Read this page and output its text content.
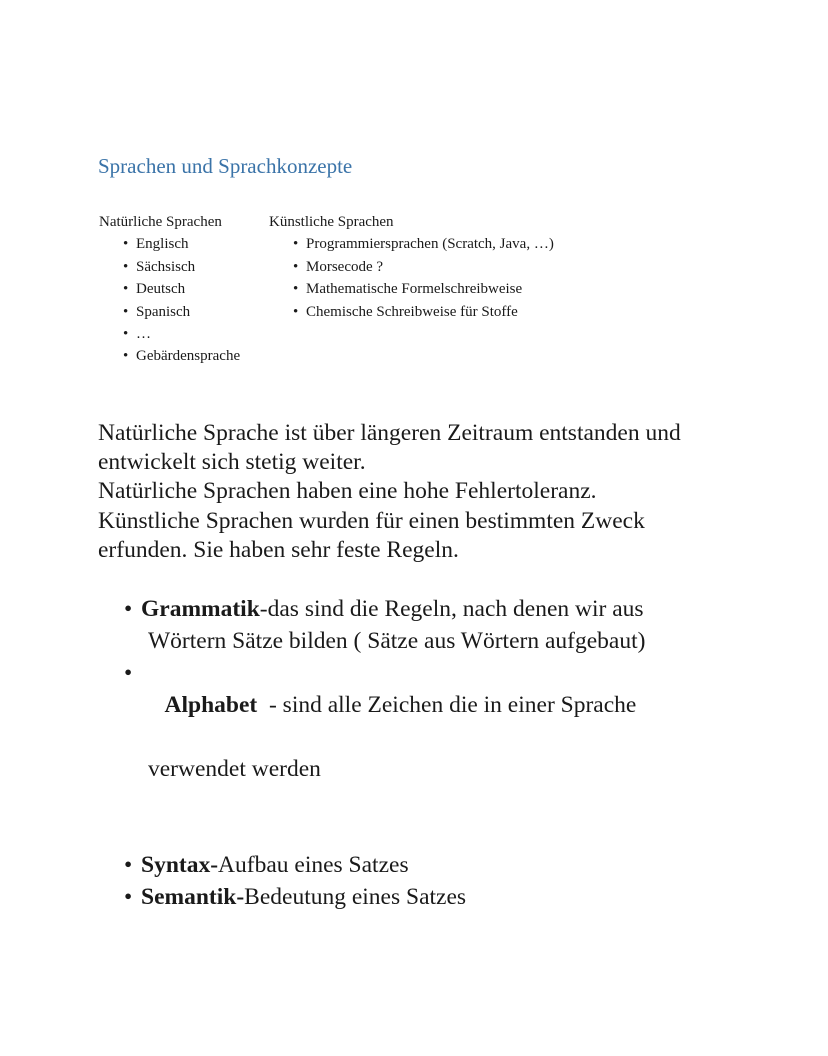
Sprachen und Sprachkonzepte
Natürliche Sprachen
• Englisch
• Sächsisch
• Deutsch
• Spanisch
• …
• Gebärdensprache
Künstliche Sprachen
• Programmiersprachen (Scratch, Java, …)
• Morsecode ?
• Mathematische Formelschreibweise
• Chemische Schreibweise für Stoffe

Natürliche Sprache ist über längeren Zeitraum entstanden und
entwickelt sich stetig weiter.
Natürliche Sprachen haben eine hohe Fehlertoleranz.
Künstliche Sprachen wurden für einen bestimmten Zweck
erfunden. Sie haben sehr feste Regeln.

• Grammatik-das sind die Regeln, nach denen wir aus
Wörtern Sätze bilden ( Sätze aus Wörtern aufgebaut)

•
Alphabet  - sind alle Zeichen die in einer Sprache

verwendet werden

• Syntax-Aufbau eines Satzes
• Semantik-Bedeutung eines Satzes
